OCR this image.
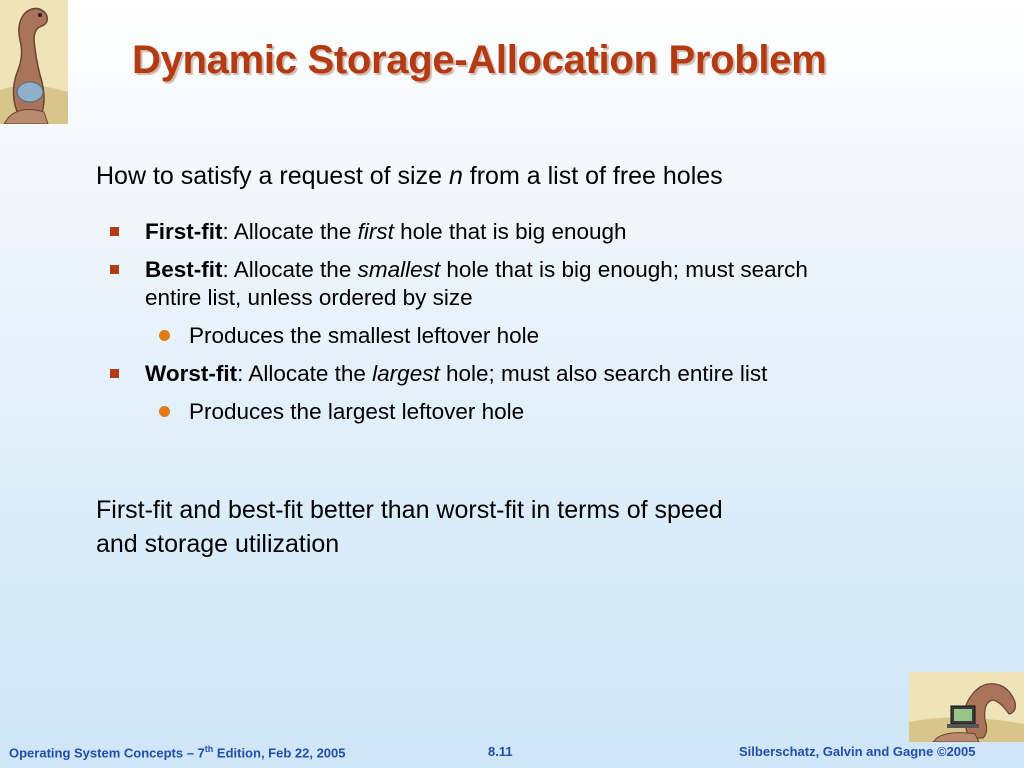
Dynamic Storage-Allocation Problem

How to satisfy a request of size n from a list of free holes

First-fit: Allocate the first hole that is big enough
Best-fit: Allocate the smallest hole that is big enough; must search entire list, unless ordered by size
Produces the smallest leftover hole
Worst-fit: Allocate the largest hole; must also search entire list
Produces the largest leftover hole

First-fit and best-fit better than worst-fit in terms of speed and storage utilization

Operating System Concepts – 7th Edition, Feb 22, 2005	8.11	Silberschatz, Galvin and Gagne ©2005
